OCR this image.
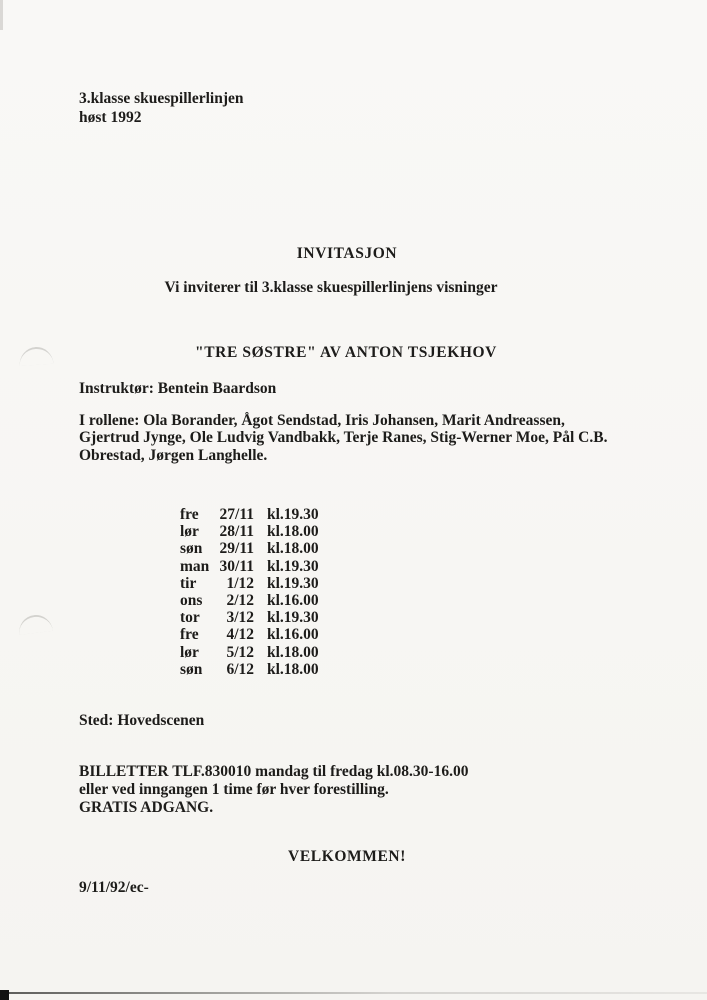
3.klasse skuespillerlinjen
høst 1992
INVITASJON
Vi inviterer til 3.klasse skuespillerlinjens visninger
"TRE SØSTRE" AV ANTON TSJEKHOV
Instruktør: Bentein Baardson
I rollene: Ola Borander, Ågot Sendstad, Iris Johansen, Marit Andreassen,
Gjertrud Jynge, Ole Ludvig Vandbakk, Terje Ranes, Stig-Werner Moe, Pål C.B.
Obrestad, Jørgen Langhelle.
fre	27/11	kl.19.30
lør	28/11	kl.18.00
søn	29/11	kl.18.00
man	30/11	kl.19.30
tir	1/12	kl.19.30
ons	2/12	kl.16.00
tor	3/12	kl.19.30
fre	4/12	kl.16.00
lør	5/12	kl.18.00
søn	6/12	kl.18.00
Sted: Hovedscenen
BILLETTER TLF.830010 mandag til fredag kl.08.30-16.00
eller ved inngangen 1 time før hver forestilling.
GRATIS ADGANG.
VELKOMMEN!
9/11/92/ec-
